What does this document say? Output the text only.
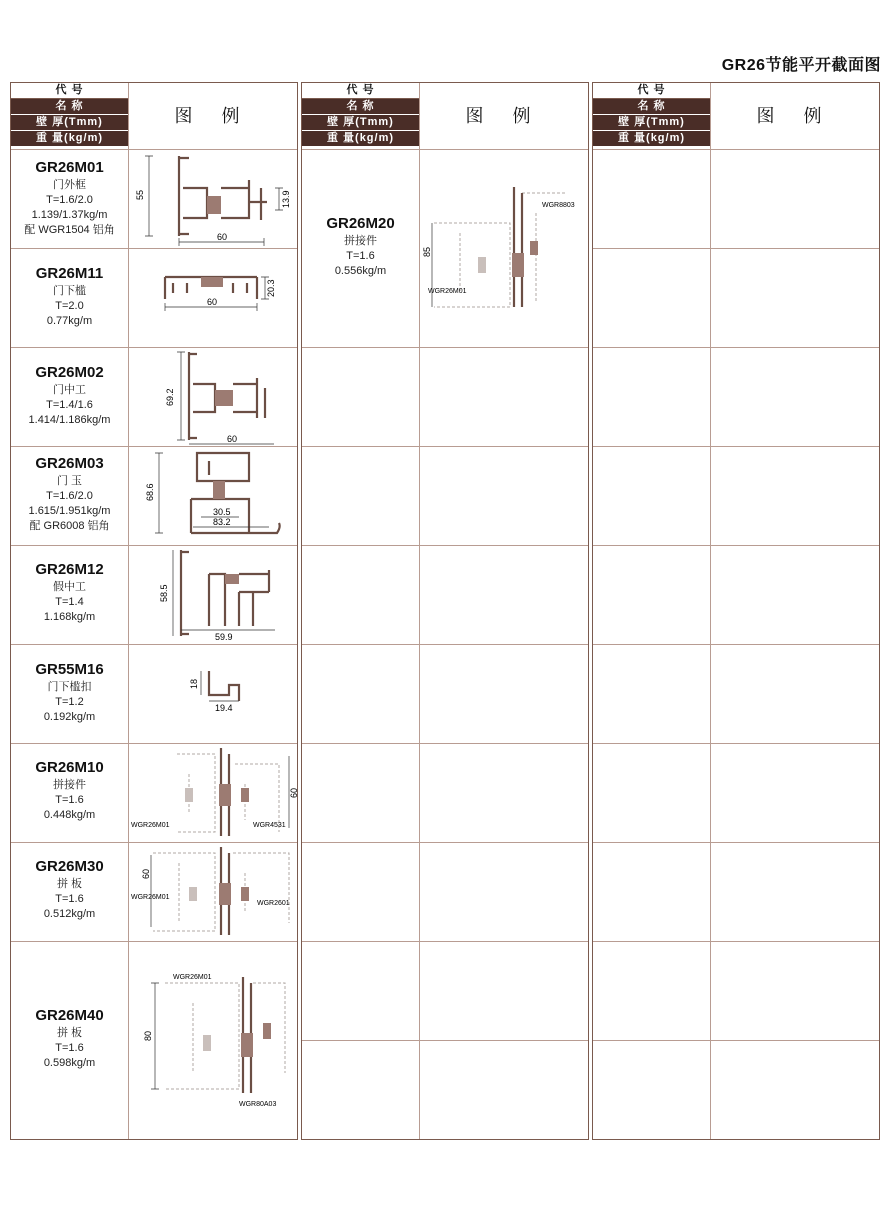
GR26节能平开截面图
代 号
名 称
壁 厚(Tmm)
重 量(kg/m)
图 例
GR26M01
门外框
T=1.6/2.0
1.139/1.37kg/m
配 WGR1504 铝角
55	13.9
60
GR26M11
门下槛
T=2.0
0.77kg/m
20.3
60
GR26M02
门中工
T=1.4/1.6
1.414/1.186kg/m
69.2
60
GR26M03
门 玉
T=1.6/2.0
1.615/1.951kg/m
配 GR6008 铝角
68.6
30.5
83.2
GR26M12
假中工
T=1.4
1.168kg/m
58.5
59.9
GR55M16
门下槛扣
T=1.2
0.192kg/m
18
19.4
GR26M10
拼接件
T=1.6
0.448kg/m
60
WGR26M01	WGR4531
GR26M30
拼 板
T=1.6
0.512kg/m
60
WGR26M01
WGR2601
GR26M40
拼 板
T=1.6
0.598kg/m
80
WGR26M01
WGR80A03
代 号
名 称
壁 厚(Tmm)
重 量(kg/m)
图 例
GR26M20
拼接件
T=1.6
0.556kg/m
85
WGR8803
WGR26M01
代 号
名 称
壁 厚(Tmm)
重 量(kg/m)
图 例
